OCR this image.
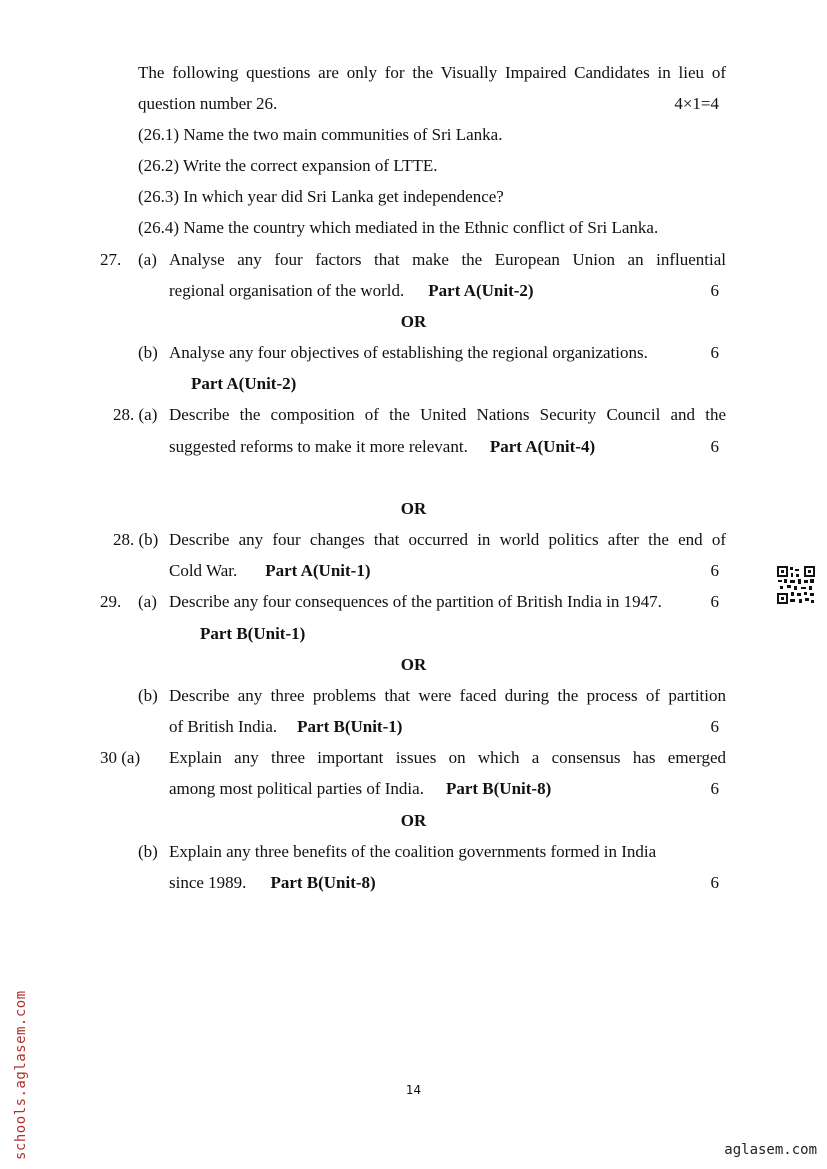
The following questions are only for the Visually Impaired Candidates in lieu of
question number 26.	4×1=4
(26.1) Name the two main communities of Sri Lanka.
(26.2) Write the correct expansion of LTTE.
(26.3) In which year did Sri Lanka get independence?
(26.4) Name the country which mediated in the Ethnic conflict of Sri Lanka.
27. (a) Analyse any four factors that make the European Union an influential
regional organisation of the world. Part A(Unit-2)	6
OR
(b) Analyse any four objectives of establishing the regional organizations.	6
Part A(Unit-2)
28. (a) Describe the composition of the United Nations Security Council and the
suggested reforms to make it more relevant. Part A(Unit-4)	6
OR
28. (b) Describe any four changes that occurred in world politics after the end of
Cold War. Part A(Unit-1)	6
29. (a) Describe any four consequences of the partition of British India in 1947.	6
Part B(Unit-1)
OR
(b) Describe any three problems that were faced during the process of partition
of British India. Part B(Unit-1)	6
30 (a) Explain any three important issues on which a consensus has emerged
among most political parties of India. Part B(Unit-8)	6
OR
(b) Explain any three benefits of the coalition governments formed in India
since 1989. Part B(Unit-8)	6
14
schools.aglasem.com	aglasem.com
